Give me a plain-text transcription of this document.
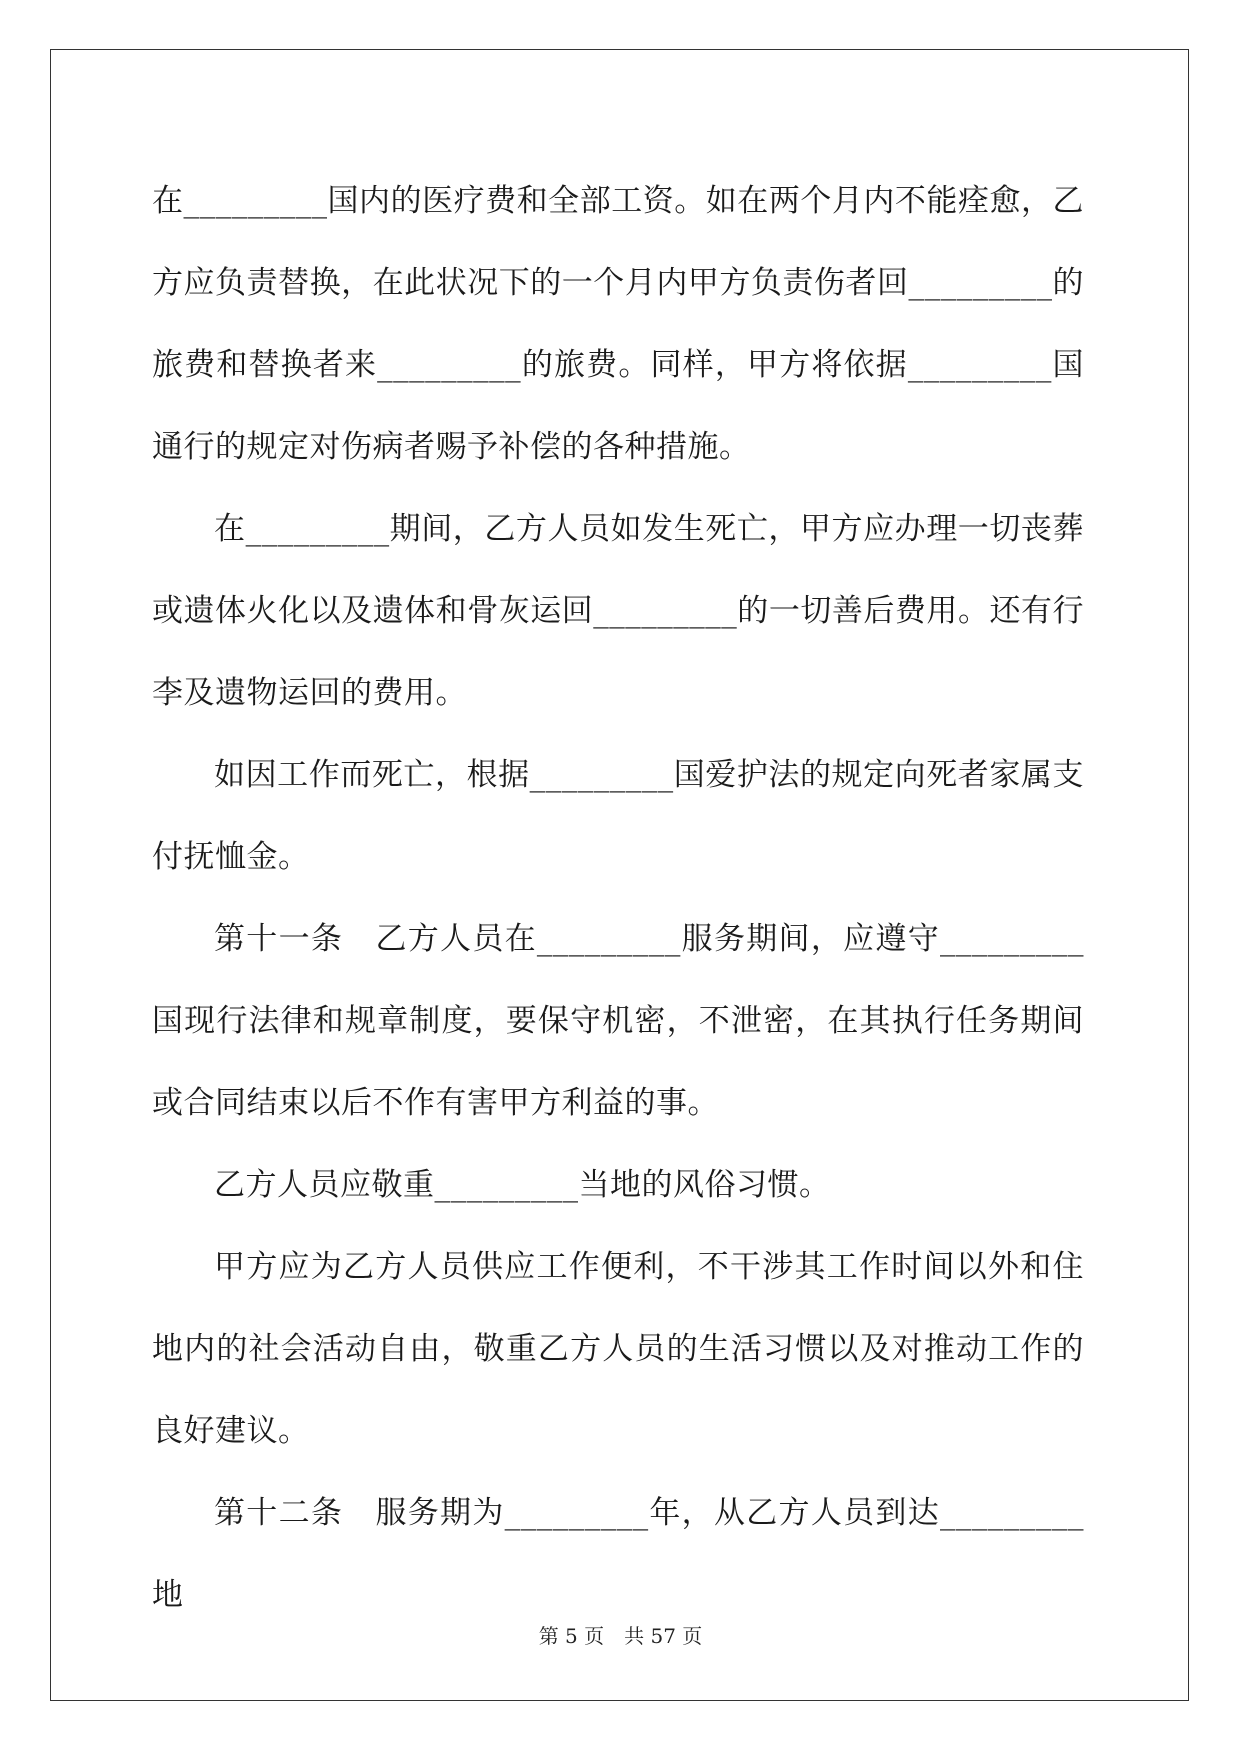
在_________国内的医疗费和全部工资。如在两个月内不能痊愈，乙方应负责替换，在此状况下的一个月内甲方负责伤者回_________的旅费和替换者来_________的旅费。同样，甲方将依据_________国通行的规定对伤病者赐予补偿的各种措施。

在_________期间，乙方人员如发生死亡，甲方应办理一切丧葬或遗体火化以及遗体和骨灰运回_________的一切善后费用。还有行李及遗物运回的费用。

如因工作而死亡，根据_________国爱护法的规定向死者家属支付抚恤金。

第十一条　乙方人员在_________服务期间，应遵守_________国现行法律和规章制度，要保守机密，不泄密，在其执行任务期间或合同结束以后不作有害甲方利益的事。

乙方人员应敬重_________当地的风俗习惯。

甲方应为乙方人员供应工作便利，不干涉其工作时间以外和住地内的社会活动自由，敬重乙方人员的生活习惯以及对推动工作的良好建议。

第十二条　服务期为_________年，从乙方人员到达_________地

第 5 页　共 57 页
